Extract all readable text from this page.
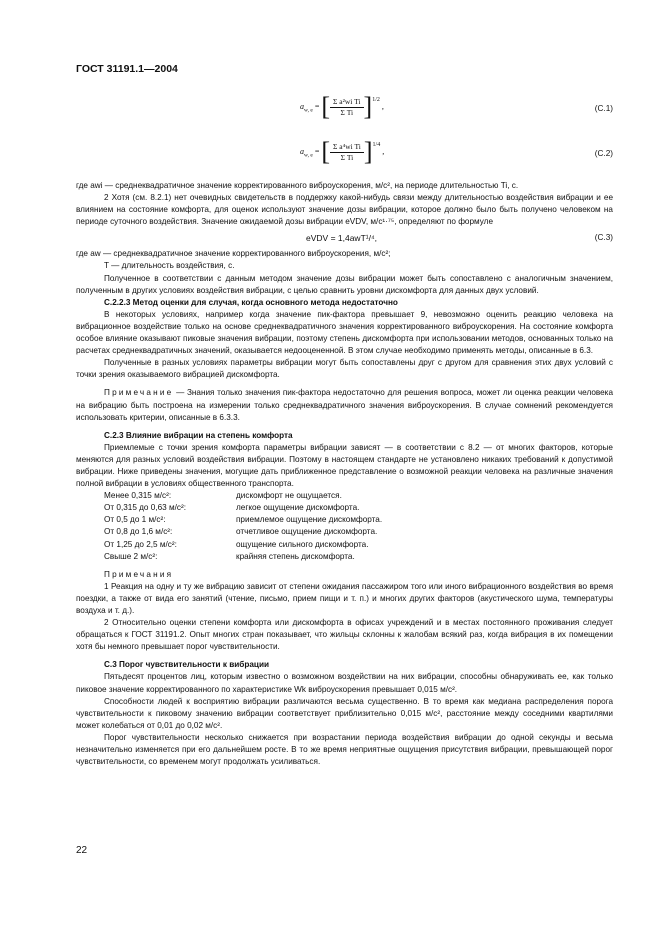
ГОСТ 31191.1—2004
$a_{w, e}$ = [ $\frac{\text{Σ a²wi Ti}}{\text{Σ Ti}} ]^{1/2}$ ,	(C.1)
$a_{w, e}$ = [ $\frac{\text{Σ a⁴wi Ti}}{\text{Σ Ti}} ]^{1/4}$ ,	(C.2)

где awi — среднеквадратичное значение корректированного виброускорения, м/с², на периоде длительностью Ti, с.

2 Хотя (см. 8.2.1) нет очевидных свидетельств в поддержку какой-нибудь связи между длительностью воздействия вибрации и ее влиянием на состояние комфорта, для оценок используют значение дозы вибрации, которое должно было быть получено человеком на периоде суточного воздействия. Значение ожидаемой дозы вибрации eVDV, м/с¹·⁷⁵, определяют по формуле

eVDV = 1,4awT¹/⁴,	(C.3)

где aw — среднеквадратичное значение корректированного виброускорения, м/с²;

T — длительность воздействия, с.

Полученное в соответствии с данным методом значение дозы вибрации может быть сопоставлено с аналогичным значением, полученным в других условиях воздействия вибрации, с целью сравнить уровни дискомфорта для данных двух условий.

С.2.2.3 Метод оценки для случая, когда основного метода недостаточно

В некоторых условиях, например когда значение пик-фактора превышает 9, невозможно оценить реакцию человека на вибрационное воздействие только на основе среднеквадратичного значения корректированного виброускорения. На состояние комфорта особое влияние оказывают пиковые значения вибрации, поэтому степень дискомфорта при использовании методов, основанных только на расчетах среднеквадратичных значений, оказывается недооцененной. В этом случае необходимо применять методы, описанные в 6.3.

Полученные в разных условиях параметры вибрации могут быть сопоставлены друг с другом для сравнения этих двух условий с точки зрения оказываемого вибрацией дискомфорта.

Примечание — Знания только значения пик-фактора недостаточно для решения вопроса, может ли оценка реакции человека на вибрацию быть построена на измерении только среднеквадратичного значения виброускорения. В случае сомнений рекомендуется использовать критерии, описанные в 6.3.3.

С.2.3 Влияние вибрации на степень комфорта

Приемлемые с точки зрения комфорта параметры вибрации зависят — в соответствии с 8.2 — от многих факторов, которые меняются для разных условий воздействия вибрации. Поэтому в настоящем стандарте не установлено никаких требований к допустимой вибрации. Ниже приведены значения, могущие дать приближенное представление о возможной реакции человека на различные значения полной вибрации в условиях общественного транспорта.

Менее 0,315 м/с²:	дискомфорт не ощущается.
От 0,315 до 0,63 м/с²:	легкое ощущение дискомфорта.
От 0,5 до 1 м/с²:	приемлемое ощущение дискомфорта.
От 0,8 до 1,6 м/с²:	отчетливое ощущение дискомфорта.
От 1,25 до 2,5 м/с²:	ощущение сильного дискомфорта.
Свыше 2 м/с²:	крайняя степень дискомфорта.

Примечания

1 Реакция на одну и ту же вибрацию зависит от степени ожидания пассажиром того или иного вибрационного воздействия во время поездки, а также от вида его занятий (чтение, письмо, прием пищи и т. п.) и многих других факторов (акустического шума, температуры воздуха и т. д.).

2 Относительно оценки степени комфорта или дискомфорта в офисах учреждений и в местах постоянного проживания следует обращаться к ГОСТ 31191.2. Опыт многих стран показывает, что жильцы склонны к жалобам всякий раз, когда вибрация в их помещении хотя бы немного превышает порог чувствительности.

С.3 Порог чувствительности к вибрации

Пятьдесят процентов лиц, которым известно о возможном воздействии на них вибрации, способны обнаруживать ее, как только пиковое значение корректированного по характеристике Wk виброускорения превышает 0,015 м/с².

Способности людей к восприятию вибрации различаются весьма существенно. В то время как медиана распределения порога чувствительности к пиковому значению вибрации соответствует приблизительно 0,015 м/с², расстояние между соседними квартилями может колебаться от 0,01 до 0,02 м/с².

Порог чувствительности несколько снижается при возрастании периода воздействия вибрации до одной секунды и весьма незначительно изменяется при его дальнейшем росте. В то же время неприятные ощущения присутствия вибрации, превышающей порог чувствительности, со временем могут продолжать усиливаться.

22
